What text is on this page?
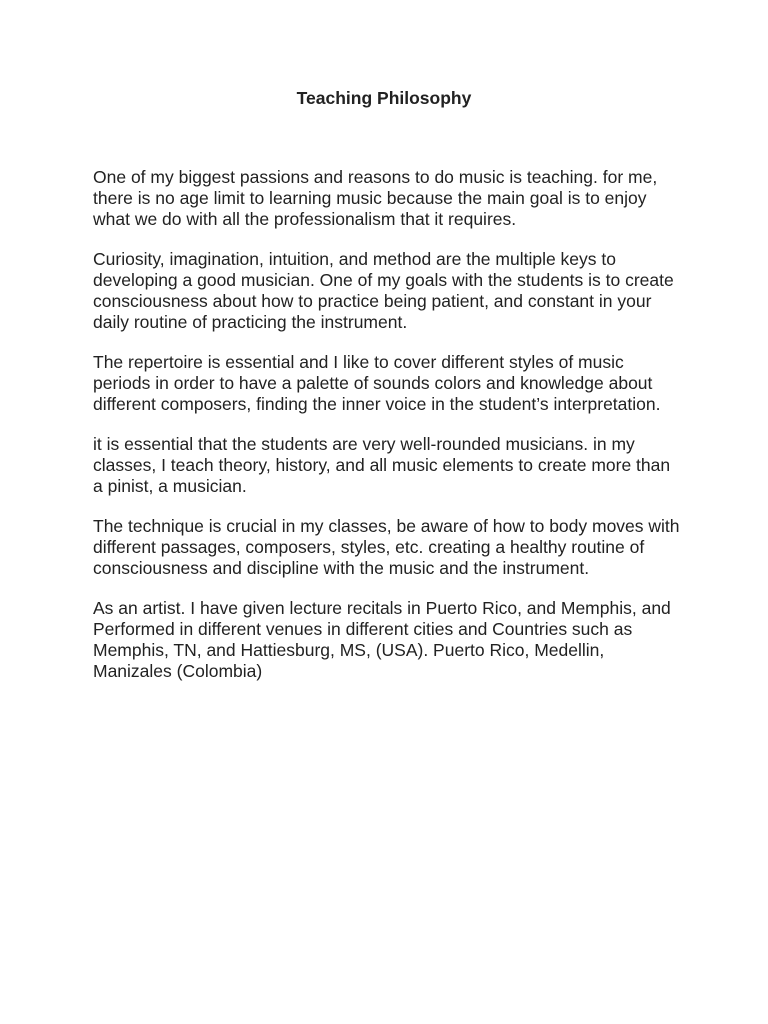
Teaching Philosophy

One of my biggest passions and reasons to do music is teaching. for me, there is no age limit to learning music because the main goal is to enjoy what we do with all the professionalism that it requires.

Curiosity, imagination, intuition, and method are the multiple keys to developing a good musician. One of my goals with the students is to create consciousness about how to practice being patient, and constant in your daily routine of practicing the instrument.

The repertoire is essential and I like to cover different styles of music periods in order to have a palette of sounds colors and knowledge about different composers, finding the inner voice in the student’s interpretation.

it is essential that the students are very well-rounded musicians. in my classes, I teach theory, history, and all music elements to create more than a pinist, a musician.

The technique is crucial in my classes, be aware of how to body moves with different passages, composers, styles, etc. creating a healthy routine of consciousness and discipline with the music and the instrument.

As an artist. I have given lecture recitals in Puerto Rico, and Memphis, and Performed in different venues in different cities and Countries such as Memphis, TN, and Hattiesburg, MS, (USA). Puerto Rico, Medellin, Manizales (Colombia)
